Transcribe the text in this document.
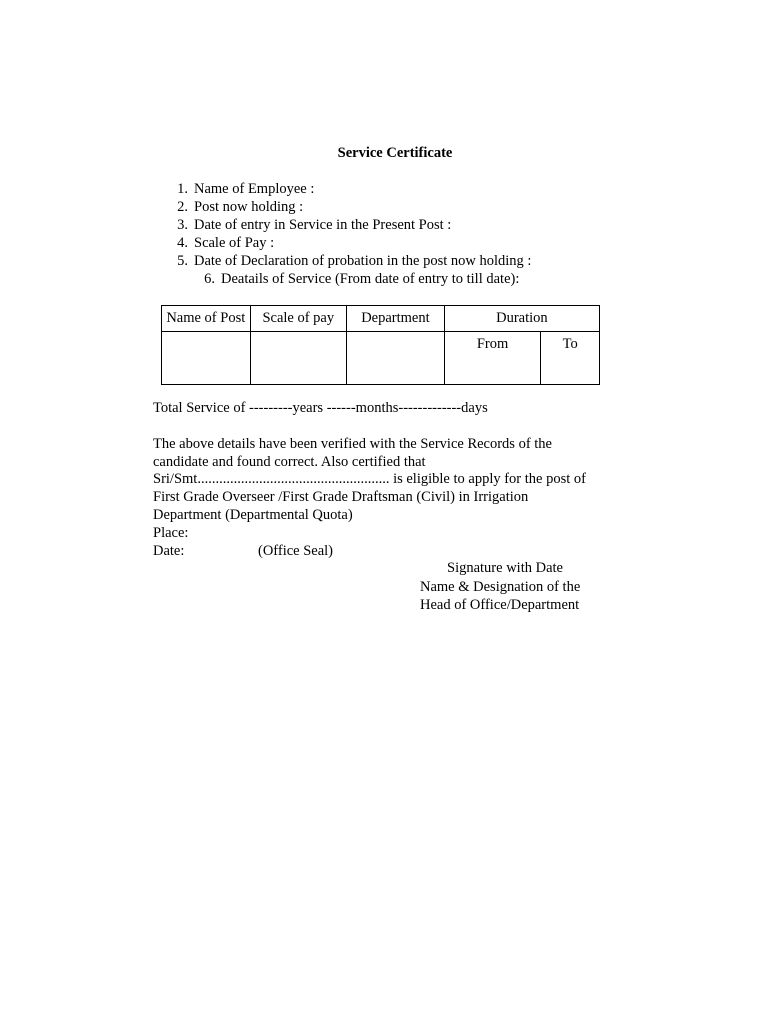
Service Certificate
1. Name of Employee :
2. Post now holding :
3. Date of entry in Service in the Present Post :
4. Scale of Pay :
5. Date of Declaration of probation in the post now holding :
6. Deatails of Service (From date of entry to till date):
Name of Post	Scale of pay	Department	Duration	
			From	To
Total Service of ---------years ------months-------------days
The above details have been verified with the Service Records of the
candidate and found correct. Also certified that
Sri/Smt..................................................... is eligible to apply for the post of
First Grade Overseer /First Grade Draftsman (Civil) in Irrigation
Department (Departmental Quota)
Place:
Date:	(Office Seal)
Signature with Date
Name & Designation of the
Head of Office/Department
